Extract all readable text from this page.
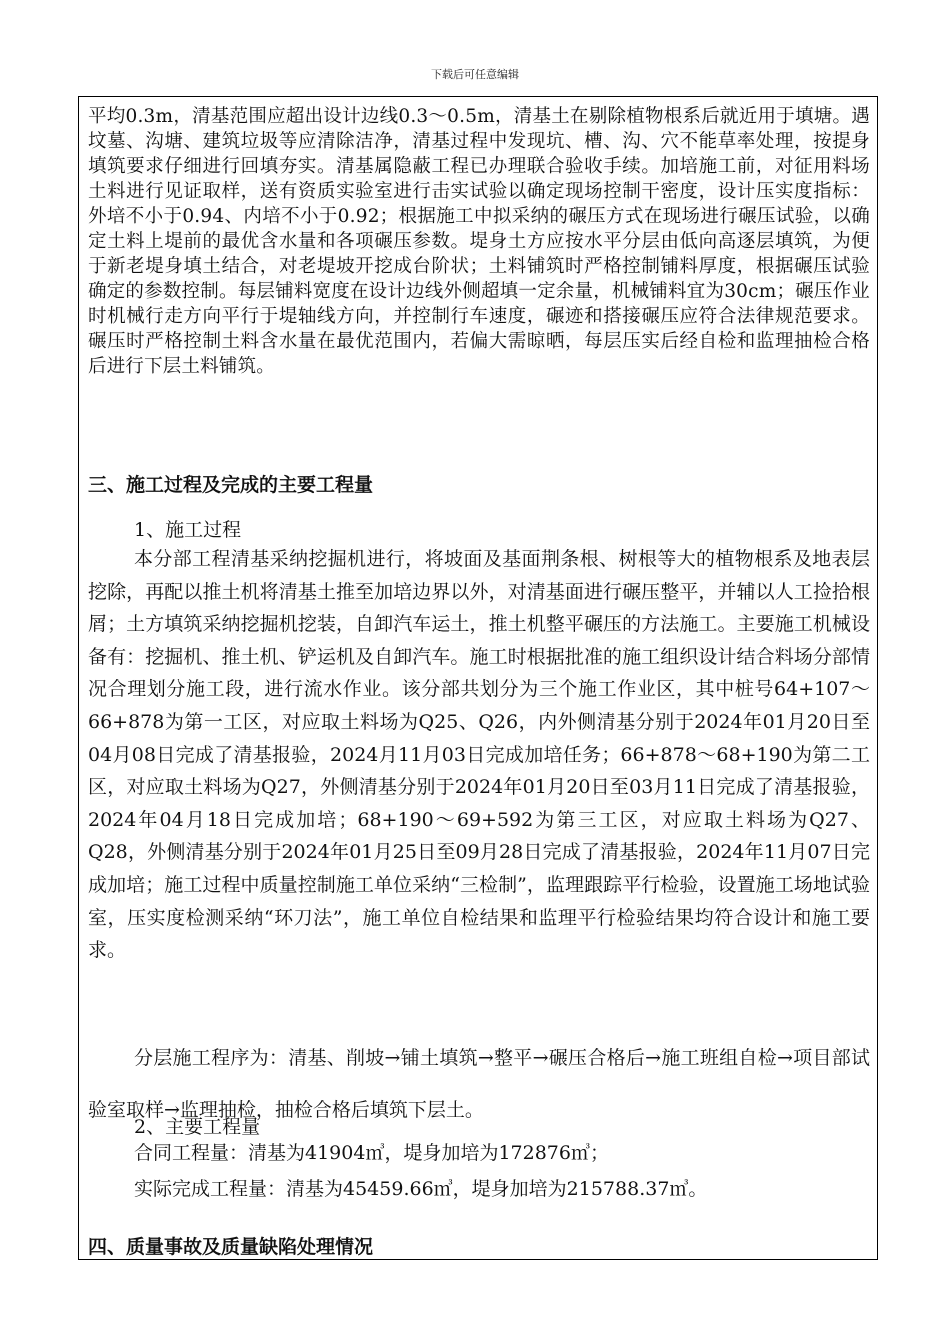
下载后可任意编辑
平均0.3m，清基范围应超出设计边线0.3～0.5m，清基土在剔除植物根系后就近用于填塘。遇坟墓、沟塘、建筑垃圾等应清除洁净，清基过程中发现坑、槽、沟、穴不能草率处理，按提身填筑要求仔细进行回填夯实。清基属隐蔽工程已办理联合验收手续。加培施工前，对征用料场土料进行见证取样，送有资质实验室进行击实试验以确定现场控制干密度，设计压实度指标：外培不小于0.94、内培不小于0.92；根据施工中拟采纳的碾压方式在现场进行碾压试验，以确定土料上堤前的最优含水量和各项碾压参数。堤身土方应按水平分层由低向高逐层填筑，为便于新老堤身填土结合，对老堤坡开挖成台阶状；土料铺筑时严格控制铺料厚度，根据碾压试验确定的参数控制。每层铺料宽度在设计边线外侧超填一定余量，机械铺料宜为30cm；碾压作业时机械行走方向平行于堤轴线方向，并控制行车速度，碾迹和搭接碾压应符合法律规范要求。碾压时严格控制土料含水量在最优范围内，若偏大需晾晒，每层压实后经自检和监理抽检合格后进行下层土料铺筑。
三、施工过程及完成的主要工程量
1、施工过程
本分部工程清基采纳挖掘机进行，将坡面及基面荆条根、树根等大的植物根系及地表层挖除，再配以推土机将清基土推至加培边界以外，对清基面进行碾压整平，并辅以人工捡拾根屑；土方填筑采纳挖掘机挖装，自卸汽车运土，推土机整平碾压的方法施工。主要施工机械设备有：挖掘机、推土机、铲运机及自卸汽车。施工时根据批准的施工组织设计结合料场分部情况合理划分施工段，进行流水作业。该分部共划分为三个施工作业区，其中桩号64+107～66+878为第一工区，对应取土料场为Q25、Q26，内外侧清基分别于2024年01月20日至04月08日完成了清基报验，2024月11月03日完成加培任务；66+878～68+190为第二工区，对应取土料场为Q27，外侧清基分别于2024年01月20日至03月11日完成了清基报验，2024年04月18日完成加培；68+190～69+592为第三工区，对应取土料场为Q27、Q28，外侧清基分别于2024年01月25日至09月28日完成了清基报验，2024年11月07日完成加培；施工过程中质量控制施工单位采纳“三检制”，监理跟踪平行检验，设置施工场地试验室，压实度检测采纳“环刀法”，施工单位自检结果和监理平行检验结果均符合设计和施工要求。
分层施工程序为：清基、削坡→铺土填筑→整平→碾压合格后→施工班组自检→项目部试验室取样→监理抽检，抽检合格后填筑下层土。
2、主要工程量
合同工程量：清基为41904㎥，堤身加培为172876㎥；
实际完成工程量：清基为45459.66㎥，堤身加培为215788.37㎥。
四、质量事故及质量缺陷处理情况
